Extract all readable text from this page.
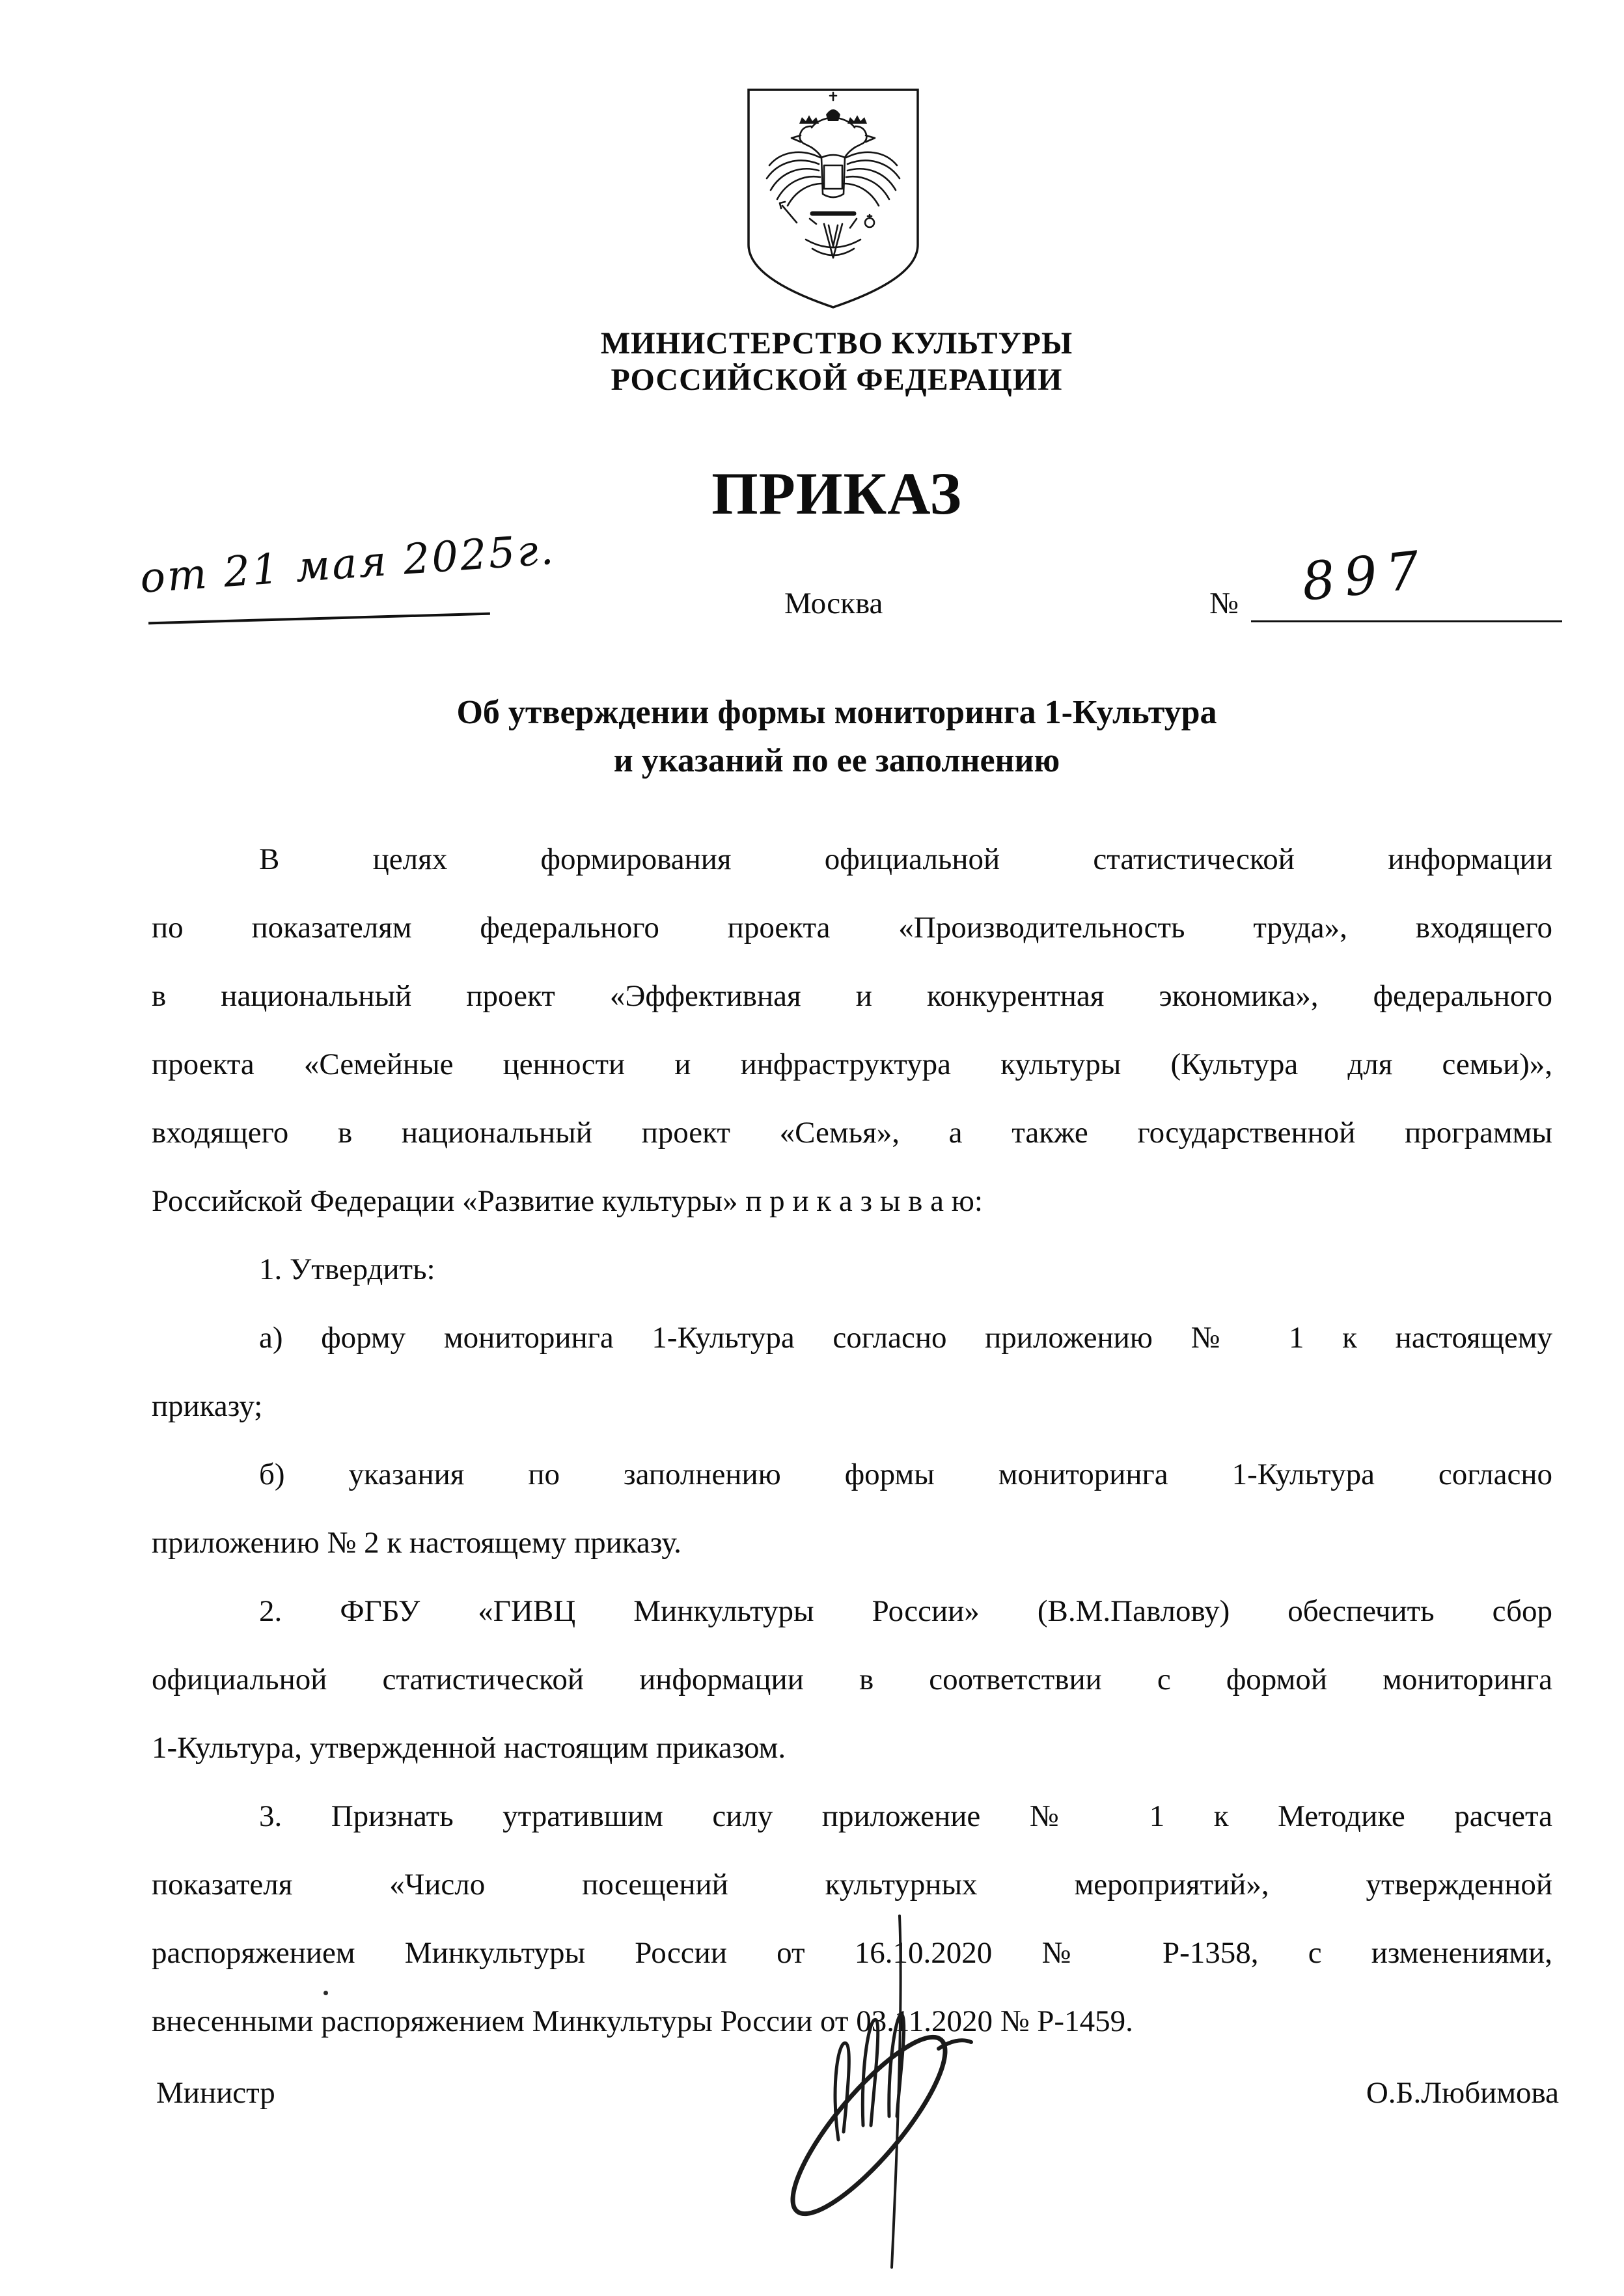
МИНИСТЕРСТВО КУЛЬТУРЫ
РОССИЙСКОЙ ФЕДЕРАЦИИ
ПРИКАЗ
от 21 мая 2025г.
Москва	№ 897
Об утверждении формы мониторинга 1-Культура
и указаний по ее заполнению
В целях формирования официальной статистической информации
по показателям федерального проекта «Производительность труда», входящего
в национальный проект «Эффективная и конкурентная экономика», федерального
проекта «Семейные ценности и инфраструктура культуры (Культура для семьи)»,
входящего в национальный проект «Семья», а также государственной программы
Российской Федерации «Развитие культуры» п р и к а з ы в а ю:
1. Утвердить:
а) форму мониторинга 1-Культура согласно приложению № 1 к настоящему
приказу;
б) указания по заполнению формы мониторинга 1-Культура согласно
приложению № 2 к настоящему приказу.
2. ФГБУ «ГИВЦ Минкультуры России» (В.М.Павлову) обеспечить сбор
официальной статистической информации в соответствии с формой мониторинга
1-Культура, утвержденной настоящим приказом.
3. Признать утратившим силу приложение № 1 к Методике расчета
показателя «Число посещений культурных мероприятий», утвержденной
распоряжением Минкультуры России от 16.10.2020 № Р-1358, с изменениями,
внесенными распоряжением Минкультуры России от 03.11.2020 № Р-1459.
Министр	О.Б.Любимова
